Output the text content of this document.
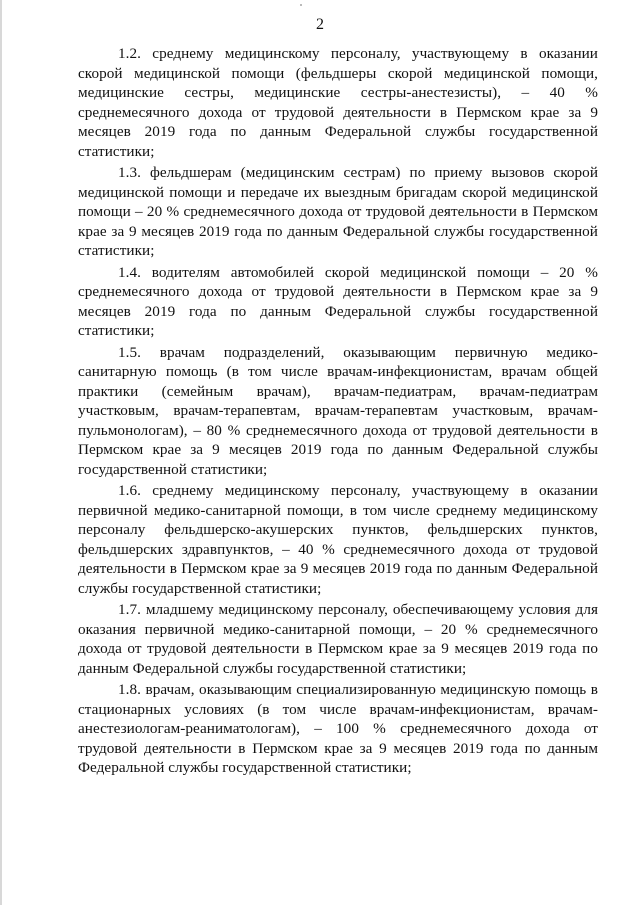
2

1.2. среднему медицинскому персоналу, участвующему в оказании скорой медицинской помощи (фельдшеры скорой медицинской помощи, медицинские сестры, медицинские сестры-анестезисты), – 40 % среднемесячного дохода от трудовой деятельности в Пермском крае за 9 месяцев 2019 года по данным Федеральной службы государственной статистики;

1.3. фельдшерам (медицинским сестрам) по приему вызовов скорой медицинской помощи и передаче их выездным бригадам скорой медицинской помощи – 20 % среднемесячного дохода от трудовой деятельности в Пермском крае за 9 месяцев 2019 года по данным Федеральной службы государственной статистики;

1.4. водителям автомобилей скорой медицинской помощи – 20 % среднемесячного дохода от трудовой деятельности в Пермском крае за 9 месяцев 2019 года по данным Федеральной службы государственной статистики;

1.5. врачам подразделений, оказывающим первичную медико-санитарную помощь (в том числе врачам-инфекционистам, врачам общей практики (семейным врачам), врачам-педиатрам, врачам-педиатрам участковым, врачам-терапевтам, врачам-терапевтам участковым, врачам-пульмонологам), – 80 % среднемесячного дохода от трудовой деятельности в Пермском крае за 9 месяцев 2019 года по данным Федеральной службы государственной статистики;

1.6. среднему медицинскому персоналу, участвующему в оказании первичной медико-санитарной помощи, в том числе среднему медицинскому персоналу фельдшерско-акушерских пунктов, фельдшерских пунктов, фельдшерских здравпунктов, – 40 % среднемесячного дохода от трудовой деятельности в Пермском крае за 9 месяцев 2019 года по данным Федеральной службы государственной статистики;

1.7. младшему медицинскому персоналу, обеспечивающему условия для оказания первичной медико-санитарной помощи, – 20 % среднемесячного дохода от трудовой деятельности в Пермском крае за 9 месяцев 2019 года по данным Федеральной службы государственной статистики;

1.8. врачам, оказывающим специализированную медицинскую помощь в стационарных условиях (в том числе врачам-инфекционистам, врачам-анестезиологам-реаниматологам), – 100 % среднемесячного дохода от трудовой деятельности в Пермском крае за 9 месяцев 2019 года по данным Федеральной службы государственной статистики;
